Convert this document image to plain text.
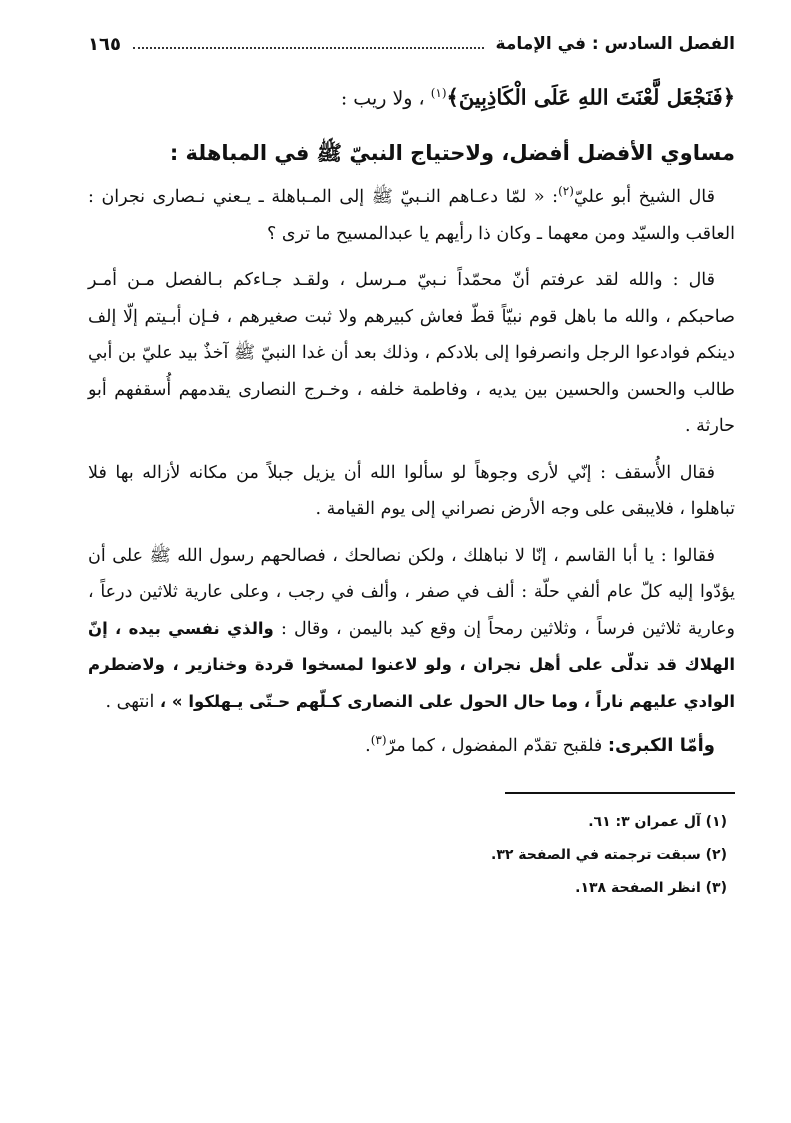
الفصل السادس : في الإمامة
١٦٥
﴿فَنَجْعَل لَّعْنَتَ اللهِ عَلَى الْكَاذِبِينَ﴾$^{(١)}$ ، ولا ريب :
مساوي الأفضل أفضل، ولاحتياج النبيّ ﷺ في المباهلة :

قال الشيخ أبو عليّ$^{(٢)}$: « لمّا دعـاهم النـبيّ ﷺ إلى المـباهلة ـ يـعني نـصارى نجران : العاقب والسيّد ومن معهما ـ وكان ذا رأيهم يا عبدالمسيح ما ترى ؟

قال : والله لقد عرفتم أنّ محمّداً نـبيّ مـرسل ، ولقـد جـاءكم بـالفصل مـن أمـر صاحبكم ، والله ما باهل قوم نبيّاً قطّ فعاش كبيرهم ولا ثبت صغيرهم ، فـإن أبـيتم إلّا إلف دينكم فوادعوا الرجل وانصرفوا إلى بلادكم ، وذلك بعد أن غدا النبيّ ﷺ آخذٌ بيد عليّ بن أبي طالب والحسن والحسين بين يديه ، وفاطمة خلفه ، وخـرج النصارى يقدمهم أُسقفهم أبو حارثة .

فقال الأُسقف : إنّي لأرى وجوهاً لو سألوا الله أن يزيل جبلاً من مكانه لأزاله بها فلا تباهلوا ، فلايبقى على وجه الأرض نصراني إلى يوم القيامة .

فقالوا : يا أبا القاسم ، إنّا لا نباهلك ، ولكن نصالحك ، فصالحهم رسول الله ﷺ على أن يؤدّوا إليه كلّ عام ألفي حلّة : ألف في صفر ، وألف في رجب ، وعلى عارية ثلاثين درعاً ، وعارية ثلاثين فرساً ، وثلاثين رمحاً إن وقع كيد باليمن ، وقال : والذي نفسي بيده ، إنّ الهلاك قد تدلّى على أهل نجران ، ولو لاعنوا لمسخوا قردة وخنازير ، ولاضطرم الوادي عليهم ناراً ، وما حال الحول على النصارى كـلّهم حـتّى يـهلكوا » ، انتهى .

وأمّا الكبرى: فلقبح تقدّم المفضول ، كما مرّ$^{(٣)}$.
(١) آل عمران ٣: ٦١.
(٢) سبقت ترجمته في الصفحة ٣٢.
(٣) انظر الصفحة ١٣٨.
